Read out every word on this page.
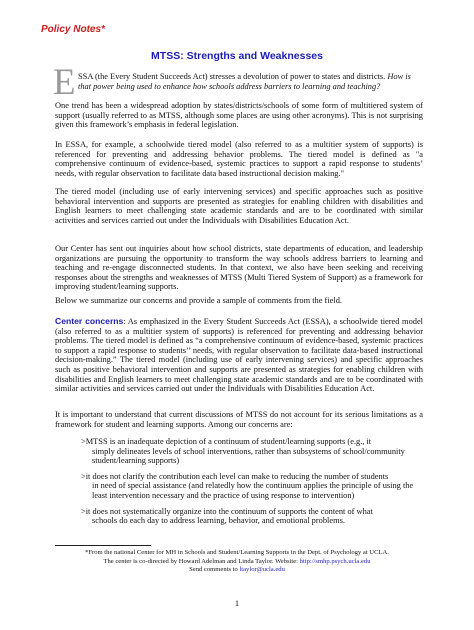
Policy Notes*
MTSS: Strengths and Weaknesses
E SSA (the Every Student Succeeds Act) stresses a devolution of power to states and districts. How is that power being used to enhance how schools address barriers to learning and teaching?
One trend has been a widespread adoption by states/districts/schools of some form of multitiered system of support (usually referred to as MTSS, although some places are using other acronyms). This is not surprising given this framework’s emphasis in federal legislation.
In ESSA, for example, a schoolwide tiered model (also referred to as a multitier system of supports) is referenced for preventing and addressing behavior problems. The tiered model is defined as "a comprehensive continuum of evidence-based, systemic practices to support a rapid response to students’ needs, with regular observation to facilitate data based instructional decision making."
The tiered model (including use of early intervening services) and specific approaches such as positive behavioral intervention and supports are presented as strategies for enabling children with disabilities and English learners to meet challenging state academic standards and are to be coordinated with similar activities and services carried out under the Individuals with Disabilities Education Act.
Our Center has sent out inquiries about how school districts, state departments of education, and leadership organizations are pursuing the opportunity to transform the way schools address barriers to learning and teaching and re-engage disconnected students. In that context, we also have been seeking and receiving responses about the strengths and weaknesses of MTSS (Multi Tiered System of Support) as a framework for improving student/learning supports.
Below we summarize our concerns and provide a sample of comments from the field.
Center concerns: As emphasized in the Every Student Succeeds Act (ESSA), a schoolwide tiered model (also referred to as a multitier system of supports) is referenced for preventing and addressing behavior problems. The tiered model is defined as “a comprehensive continuum of evidence-based, systemic practices to support a rapid response to students’’ needs, with regular observation to facilitate data-based instructional decision-making.” The tiered model (including use of early intervening services) and specific approaches such as positive behavioral intervention and supports are presented as strategies for enabling children with disabilities and English learners to meet challenging state academic standards and are to be coordinated with similar activities and services carried out under the Individuals with Disabilities Education Act.
It is important to understand that current discussions of MTSS do not account for its serious limitations as a framework for student and learning supports. Among our concerns are:
>MTSS is an inadequate depiction of a continuum of student/learning supports (e.g., it
simply delineates levels of school interventions, rather than subsystems of school/community student/learning supports)
>it does not clarify the contribution each level can make to reducing the number of students
in need of special assistance (and relatedly how the continuum applies the principle of using the least intervention necessary and the practice of using response to intervention)
>it does not systematically organize into the continuum of supports the content of what
schools do each day to address learning, behavior, and emotional problems.
*From the national Center for MH in Schools and Student/Learning Supports in the Dept. of Psychology at UCLA.
The center is co-directed by Howard Adelman and Linda Taylor. Website: http://smhp.psych.ucla.edu
Send comments to ltaylor@ucla.edu
1
